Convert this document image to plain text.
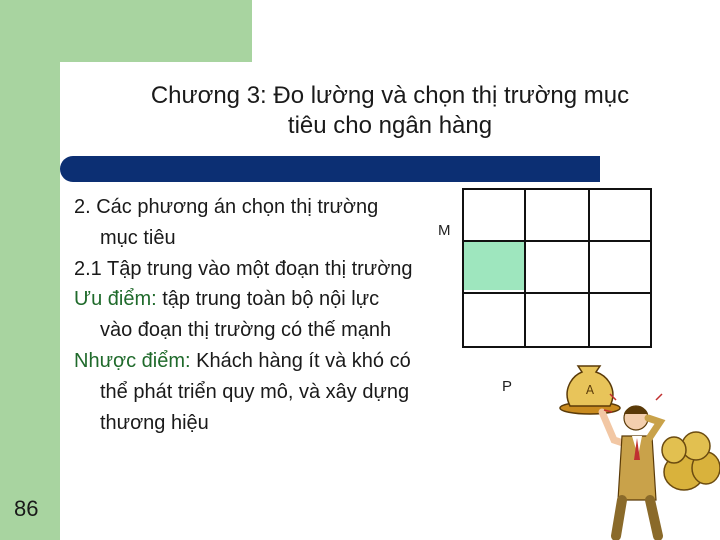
Chương 3: Đo lường và chọn thị trường mục
tiêu cho ngân hàng

2. Các phương án chọn thị trường mục tiêu

2.1 Tập trung vào một đoạn thị trường

Ưu điểm: tập trung toàn bộ nội lực vào đoạn thị trường có thế mạnh

Nhược điểm: Khách hàng ít và khó có thể phát triển quy mô, và xây dựng thương hiệu

86
M
P	A
